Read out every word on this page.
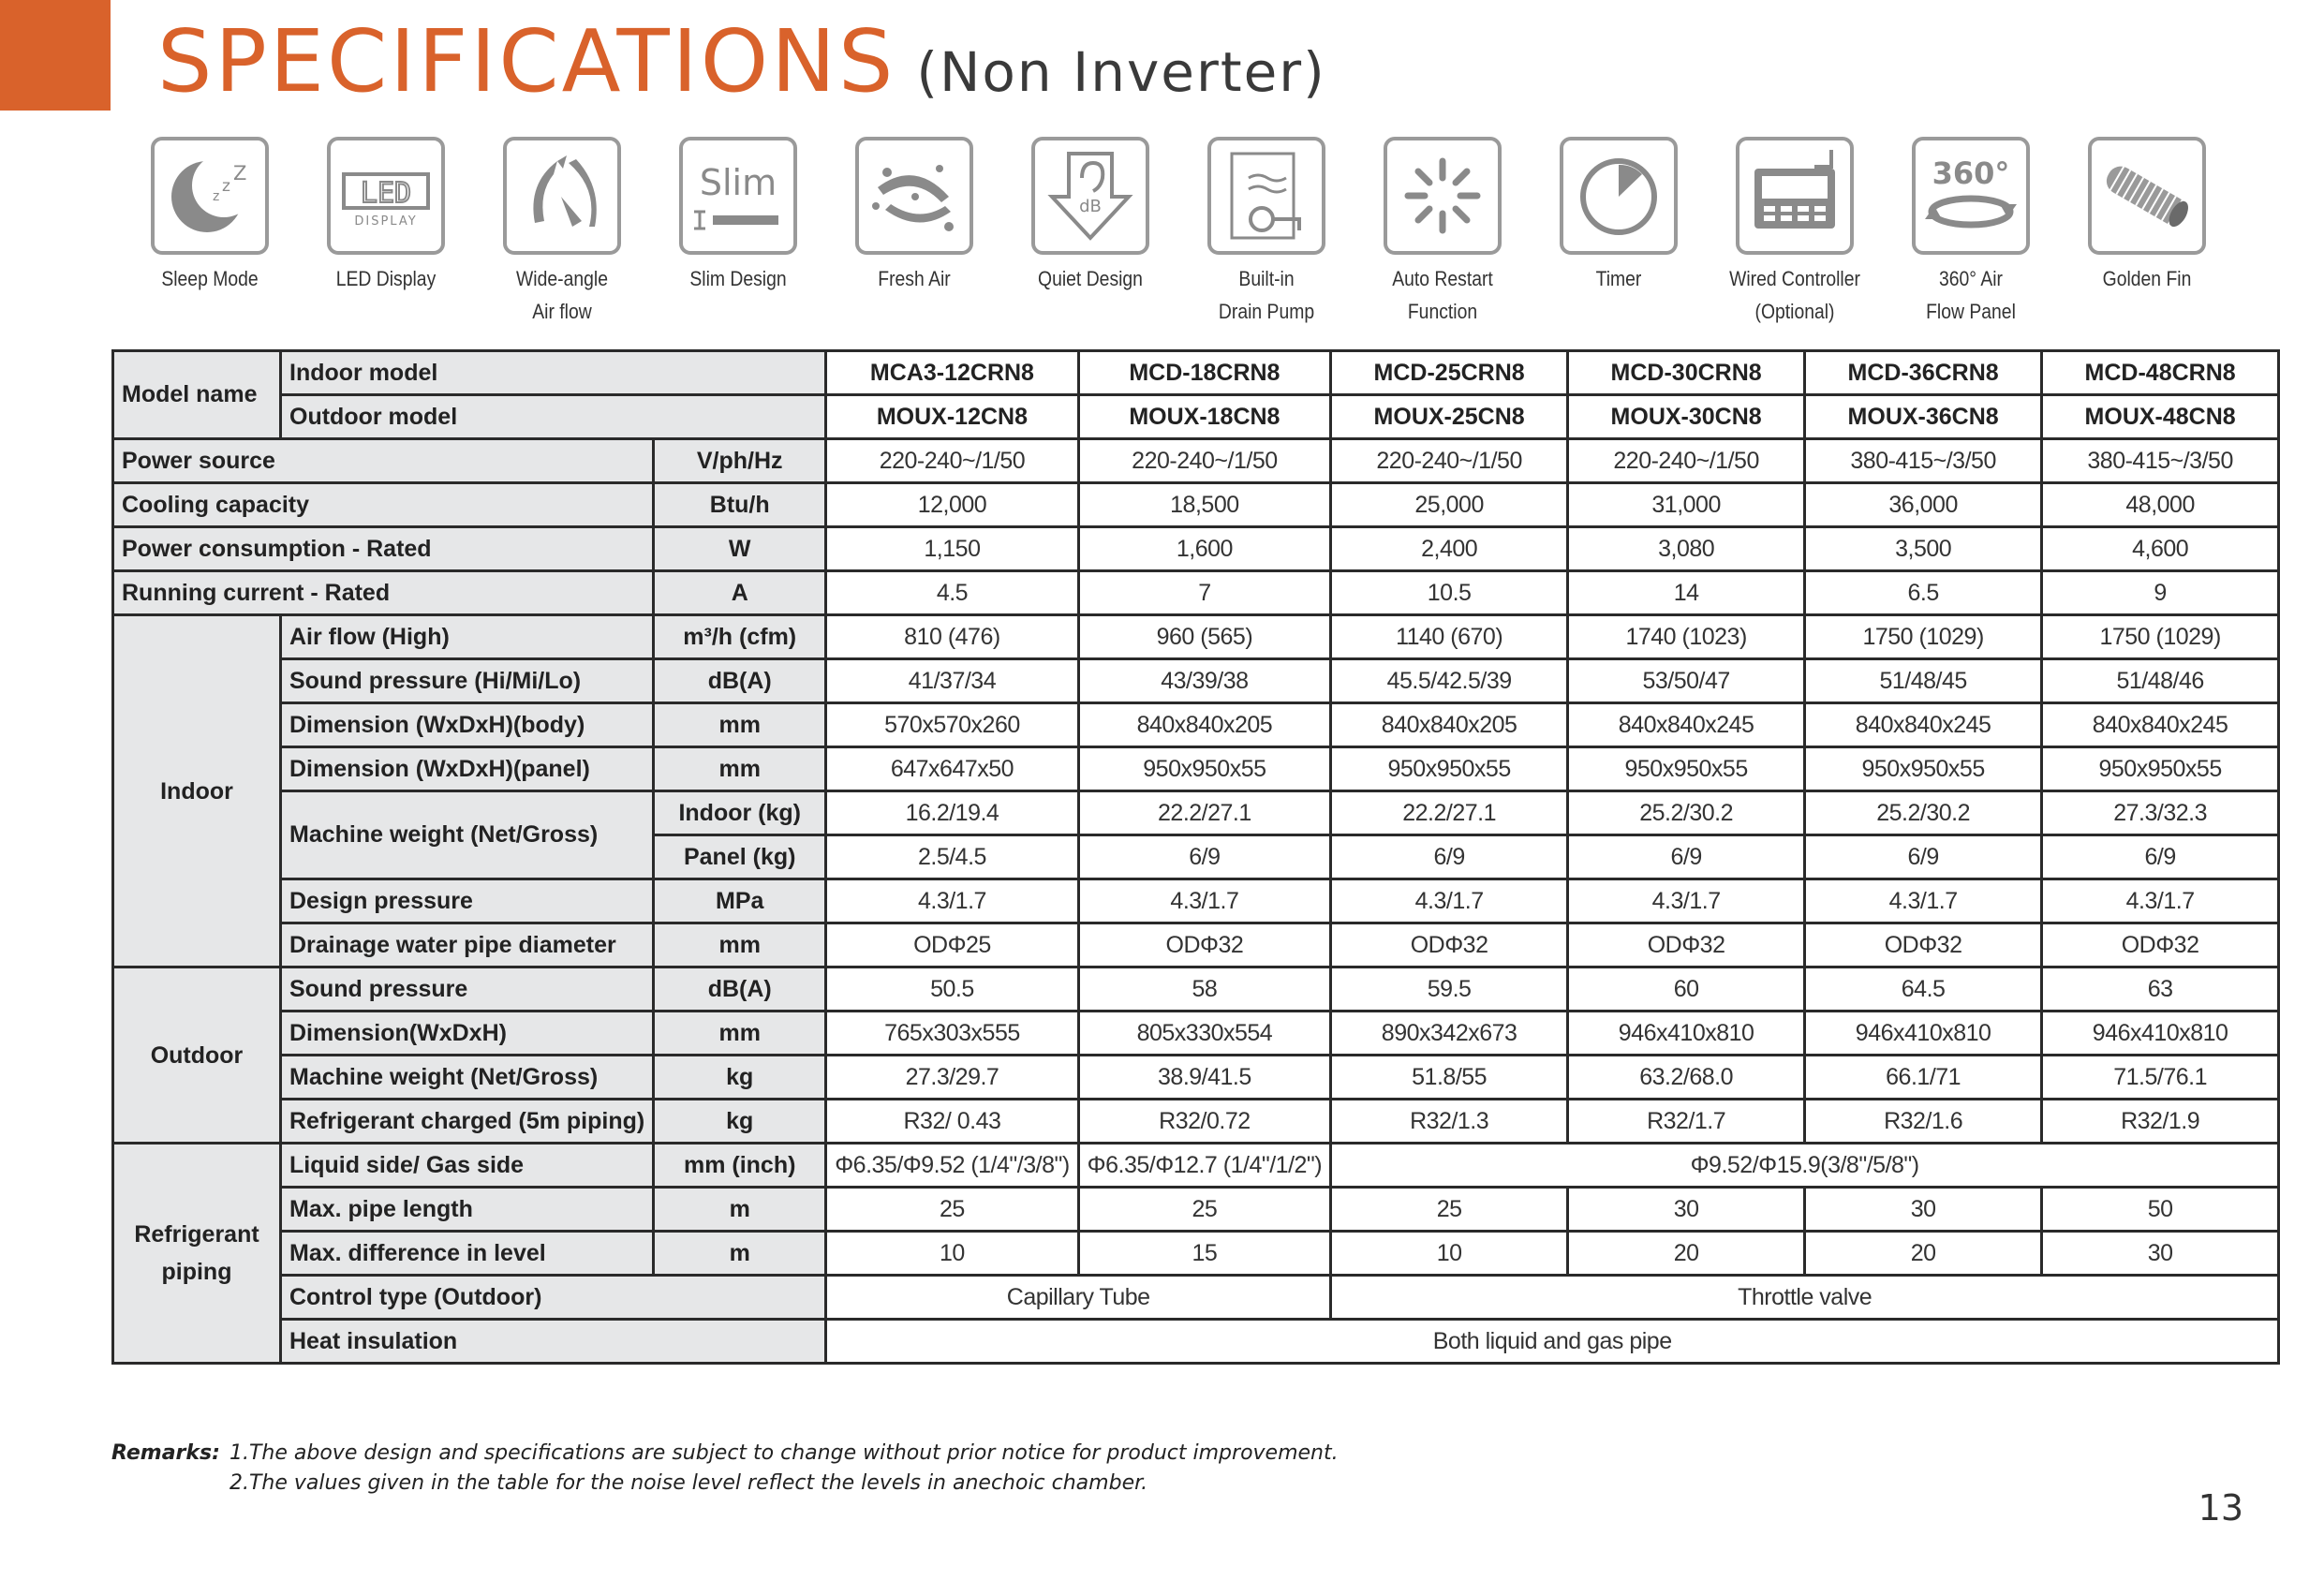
SPECIFICATIONS (Non Inverter)
z
z
Z
Sleep Mode

LED
DISPLAY
LED Display	Wide-angle
Air flow
Slim
Slim Design	Fresh Air

dB
Quiet Design	Built-in
Drain Pump
Auto Restart
Function
Timer	Wired Controller
(Optional)
360°
360° Air
Flow Panel
Golden Fin

Model name	Indoor model		MCA3-12CRN8	MCD-18CRN8	MCD-25CRN8	MCD-30CRN8	MCD-36CRN8	MCD-48CRN8
	Outdoor model		MOUX-12CN8	MOUX-18CN8	MOUX-25CN8	MOUX-30CN8	MOUX-36CN8	MOUX-48CN8
Power source		V/ph/Hz	220-240~/1/50	220-240~/1/50	220-240~/1/50	220-240~/1/50	380-415~/3/50	380-415~/3/50
Cooling capacity		Btu/h	12,000	18,500	25,000	31,000	36,000	48,000
Power consumption - Rated		W	1,150	1,600	2,400	3,080	3,500	4,600
Running current - Rated		A	4.5	7	10.5	14	6.5	9
Indoor	Air flow (High)	m³/h (cfm)	810 (476)	960 (565)	1140 (670)	1740 (1023)	1750 (1029)	1750 (1029)
	Sound pressure (Hi/Mi/Lo)	dB(A)	41/37/34	43/39/38	45.5/42.5/39	53/50/47	51/48/45	51/48/46
	Dimension (WxDxH)(body)	mm	570x570x260	840x840x205	840x840x205	840x840x245	840x840x245	840x840x245
	Dimension (WxDxH)(panel)	mm	647x647x50	950x950x55	950x950x55	950x950x55	950x950x55	950x950x55
	Machine weight (Net/Gross)	Indoor (kg)	16.2/19.4	22.2/27.1	22.2/27.1	25.2/30.2	25.2/30.2	27.3/32.3
		Panel (kg)	2.5/4.5	6/9	6/9	6/9	6/9	6/9
	Design pressure	MPa	4.3/1.7	4.3/1.7	4.3/1.7	4.3/1.7	4.3/1.7	4.3/1.7
	Drainage water pipe diameter	mm	ODΦ25	ODΦ32	ODΦ32	ODΦ32	ODΦ32	ODΦ32
Outdoor	Sound pressure	dB(A)	50.5	58	59.5	60	64.5	63
	Dimension(WxDxH)	mm	765x303x555	805x330x554	890x342x673	946x410x810	946x410x810	946x410x810
	Machine weight (Net/Gross)	kg	27.3/29.7	38.9/41.5	51.8/55	63.2/68.0	66.1/71	71.5/76.1
	Refrigerant charged (5m piping)	kg	R32/ 0.43	R32/0.72	R32/1.3	R32/1.7	R32/1.6	R32/1.9
Refrigerant
piping	Liquid side/ Gas side	mm (inch)	Φ6.35/Φ9.52 (1/4"/3/8")	Φ6.35/Φ12.7 (1/4"/1/2")	Φ9.52/Φ15.9(3/8"/5/8")			
	Max. pipe length	m	25	25	25	30	30	50
	Max. difference in level	m	10	15	10	20	20	30
	Control type (Outdoor)		Capillary Tube		Throttle valve			
	Heat insulation		Both liquid and gas pipe					
Remarks: 1.The above design and specifications are subject to change without prior notice for product improvement.
2.The values given in the table for the noise level reflect the levels in anechoic chamber.
13
